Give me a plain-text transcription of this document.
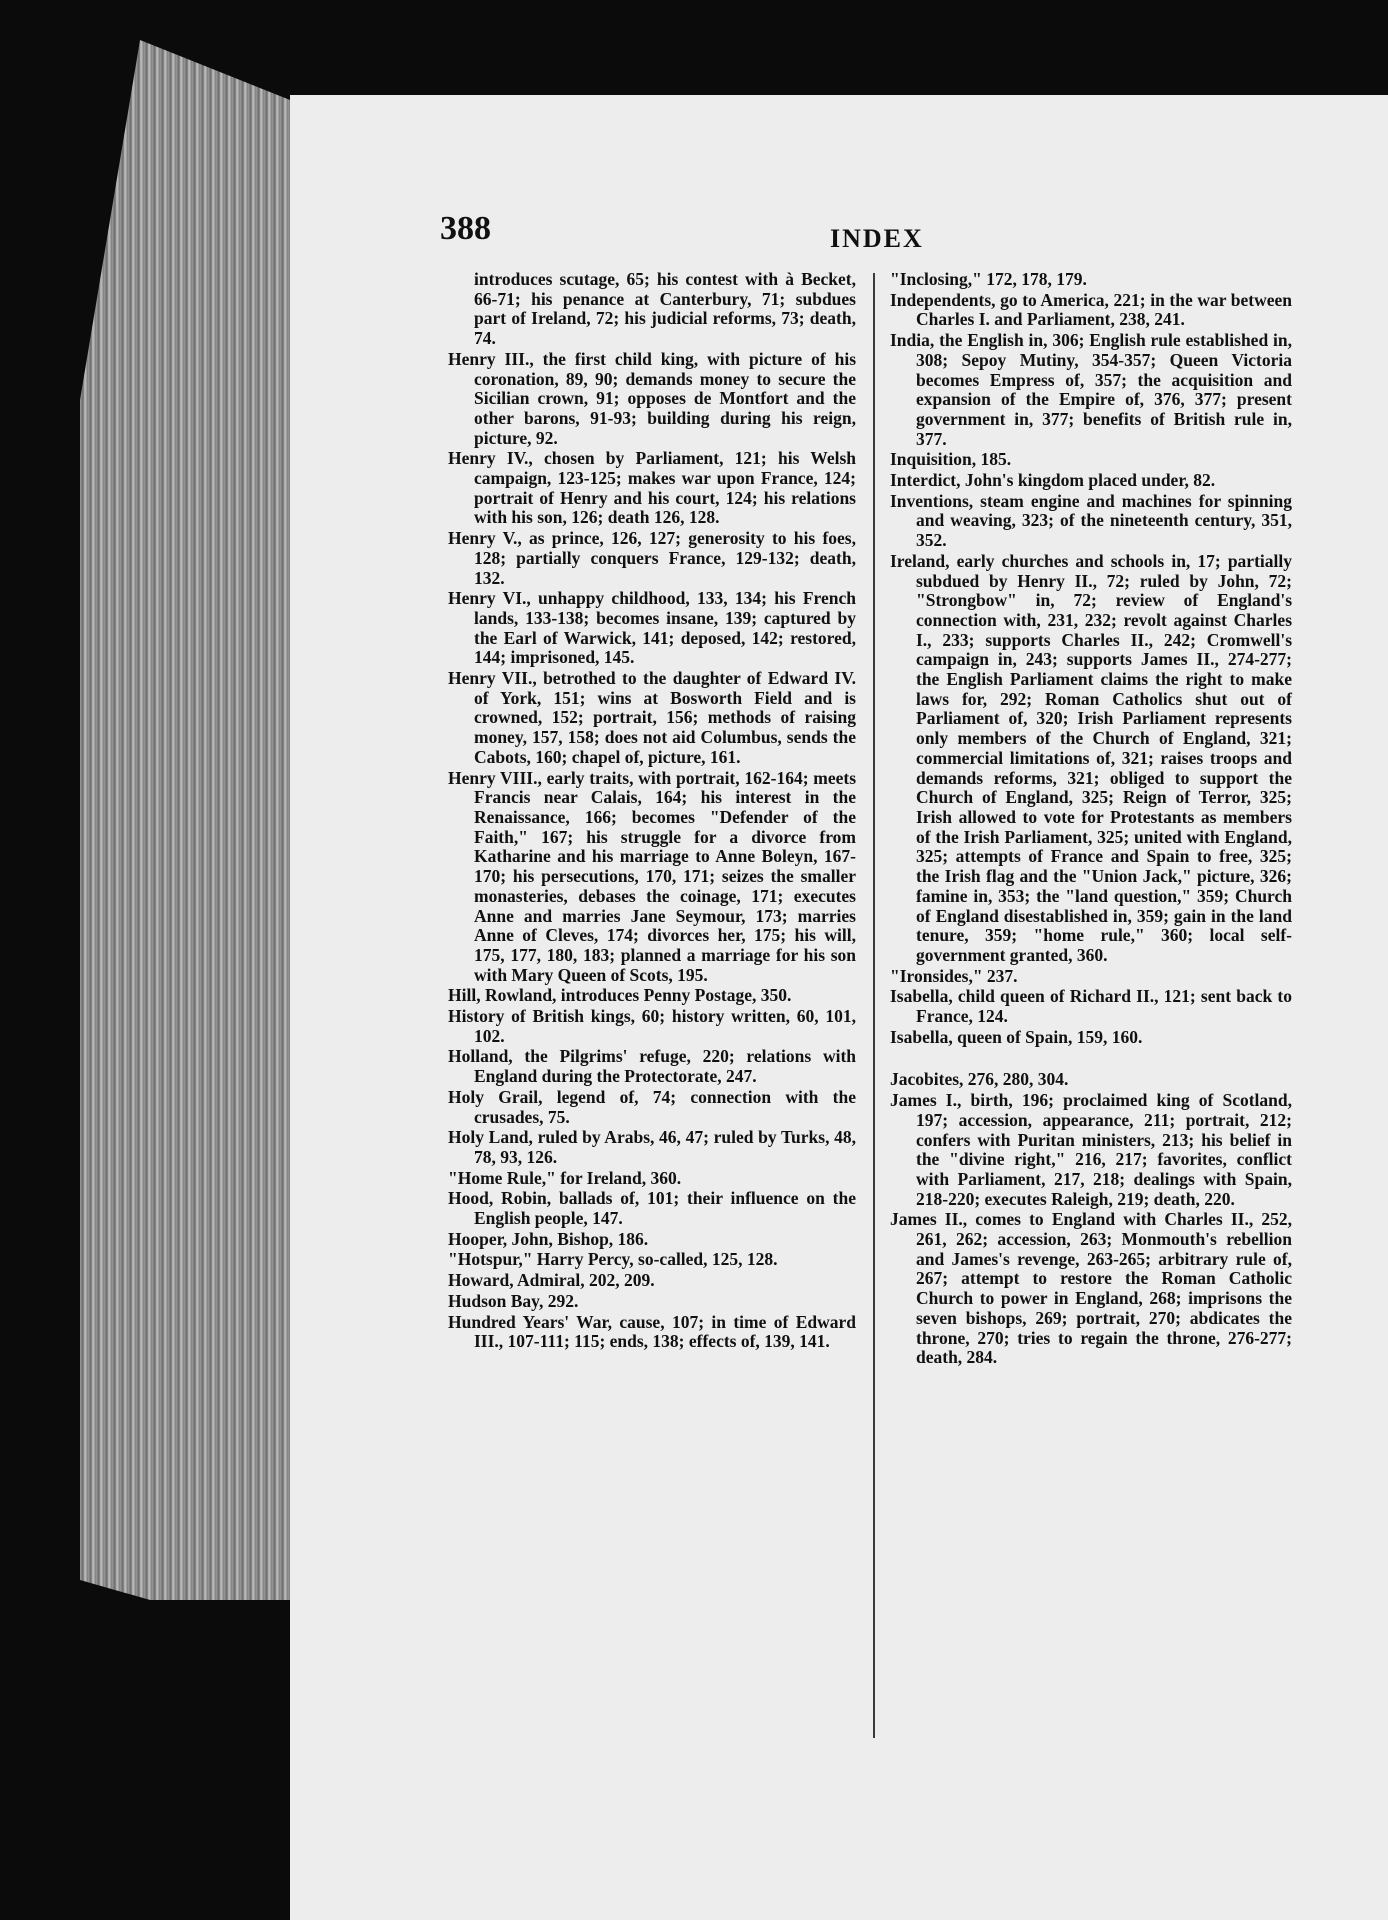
388	INDEX

introduces scutage, 65; his contest with à Becket, 66-71; his penance at Canterbury, 71; subdues part of Ireland, 72; his judicial reforms, 73; death, 74.

Henry III., the first child king, with picture of his coronation, 89, 90; demands money to secure the Sicilian crown, 91; opposes de Montfort and the other barons, 91-93; building during his reign, picture, 92.

Henry IV., chosen by Parliament, 121; his Welsh campaign, 123-125; makes war upon France, 124; portrait of Henry and his court, 124; his relations with his son, 126; death 126, 128.

Henry V., as prince, 126, 127; generosity to his foes, 128; partially conquers France, 129-132; death, 132.

Henry VI., unhappy childhood, 133, 134; his French lands, 133-138; becomes insane, 139; captured by the Earl of Warwick, 141; deposed, 142; restored, 144; imprisoned, 145.

Henry VII., betrothed to the daughter of Edward IV. of York, 151; wins at Bosworth Field and is crowned, 152; portrait, 156; methods of raising money, 157, 158; does not aid Columbus, sends the Cabots, 160; chapel of, picture, 161.

Henry VIII., early traits, with portrait, 162-164; meets Francis near Calais, 164; his interest in the Renaissance, 166; becomes "Defender of the Faith," 167; his struggle for a divorce from Katharine and his marriage to Anne Boleyn, 167-170; his persecutions, 170, 171; seizes the smaller monasteries, debases the coinage, 171; executes Anne and marries Jane Seymour, 173; marries Anne of Cleves, 174; divorces her, 175; his will, 175, 177, 180, 183; planned a marriage for his son with Mary Queen of Scots, 195.

Hill, Rowland, introduces Penny Postage, 350.

History of British kings, 60; history written, 60, 101, 102.

Holland, the Pilgrims' refuge, 220; relations with England during the Protectorate, 247.

Holy Grail, legend of, 74; connection with the crusades, 75.

Holy Land, ruled by Arabs, 46, 47; ruled by Turks, 48, 78, 93, 126.

"Home Rule," for Ireland, 360.

Hood, Robin, ballads of, 101; their influence on the English people, 147.

Hooper, John, Bishop, 186.

"Hotspur," Harry Percy, so-called, 125, 128.

Howard, Admiral, 202, 209.

Hudson Bay, 292.

Hundred Years' War, cause, 107; in time of Edward III., 107-111; 115; ends, 138; effects of, 139, 141.

"Inclosing," 172, 178, 179.

Independents, go to America, 221; in the war between Charles I. and Parliament, 238, 241.

India, the English in, 306; English rule established in, 308; Sepoy Mutiny, 354-357; Queen Victoria becomes Empress of, 357; the acquisition and expansion of the Empire of, 376, 377; present government in, 377; benefits of British rule in, 377.

Inquisition, 185.

Interdict, John's kingdom placed under, 82.

Inventions, steam engine and machines for spinning and weaving, 323; of the nineteenth century, 351, 352.

Ireland, early churches and schools in, 17; partially subdued by Henry II., 72; ruled by John, 72; "Strongbow" in, 72; review of England's connection with, 231, 232; revolt against Charles I., 233; supports Charles II., 242; Cromwell's campaign in, 243; supports James II., 274-277; the English Parliament claims the right to make laws for, 292; Roman Catholics shut out of Parliament of, 320; Irish Parliament represents only members of the Church of England, 321; commercial limitations of, 321; raises troops and demands reforms, 321; obliged to support the Church of England, 325; Reign of Terror, 325; Irish allowed to vote for Protestants as members of the Irish Parliament, 325; united with England, 325; attempts of France and Spain to free, 325; the Irish flag and the "Union Jack," picture, 326; famine in, 353; the "land question," 359; Church of England disestablished in, 359; gain in the land tenure, 359; "home rule," 360; local self-government granted, 360.

"Ironsides," 237.

Isabella, child queen of Richard II., 121; sent back to France, 124.

Isabella, queen of Spain, 159, 160.

Jacobites, 276, 280, 304.

James I., birth, 196; proclaimed king of Scotland, 197; accession, appearance, 211; portrait, 212; confers with Puritan ministers, 213; his belief in the "divine right," 216, 217; favorites, conflict with Parliament, 217, 218; dealings with Spain, 218-220; executes Raleigh, 219; death, 220.

James II., comes to England with Charles II., 252, 261, 262; accession, 263; Monmouth's rebellion and James's revenge, 263-265; arbitrary rule of, 267; attempt to restore the Roman Catholic Church to power in England, 268; imprisons the seven bishops, 269; portrait, 270; abdicates the throne, 270; tries to regain the throne, 276-277; death, 284.
